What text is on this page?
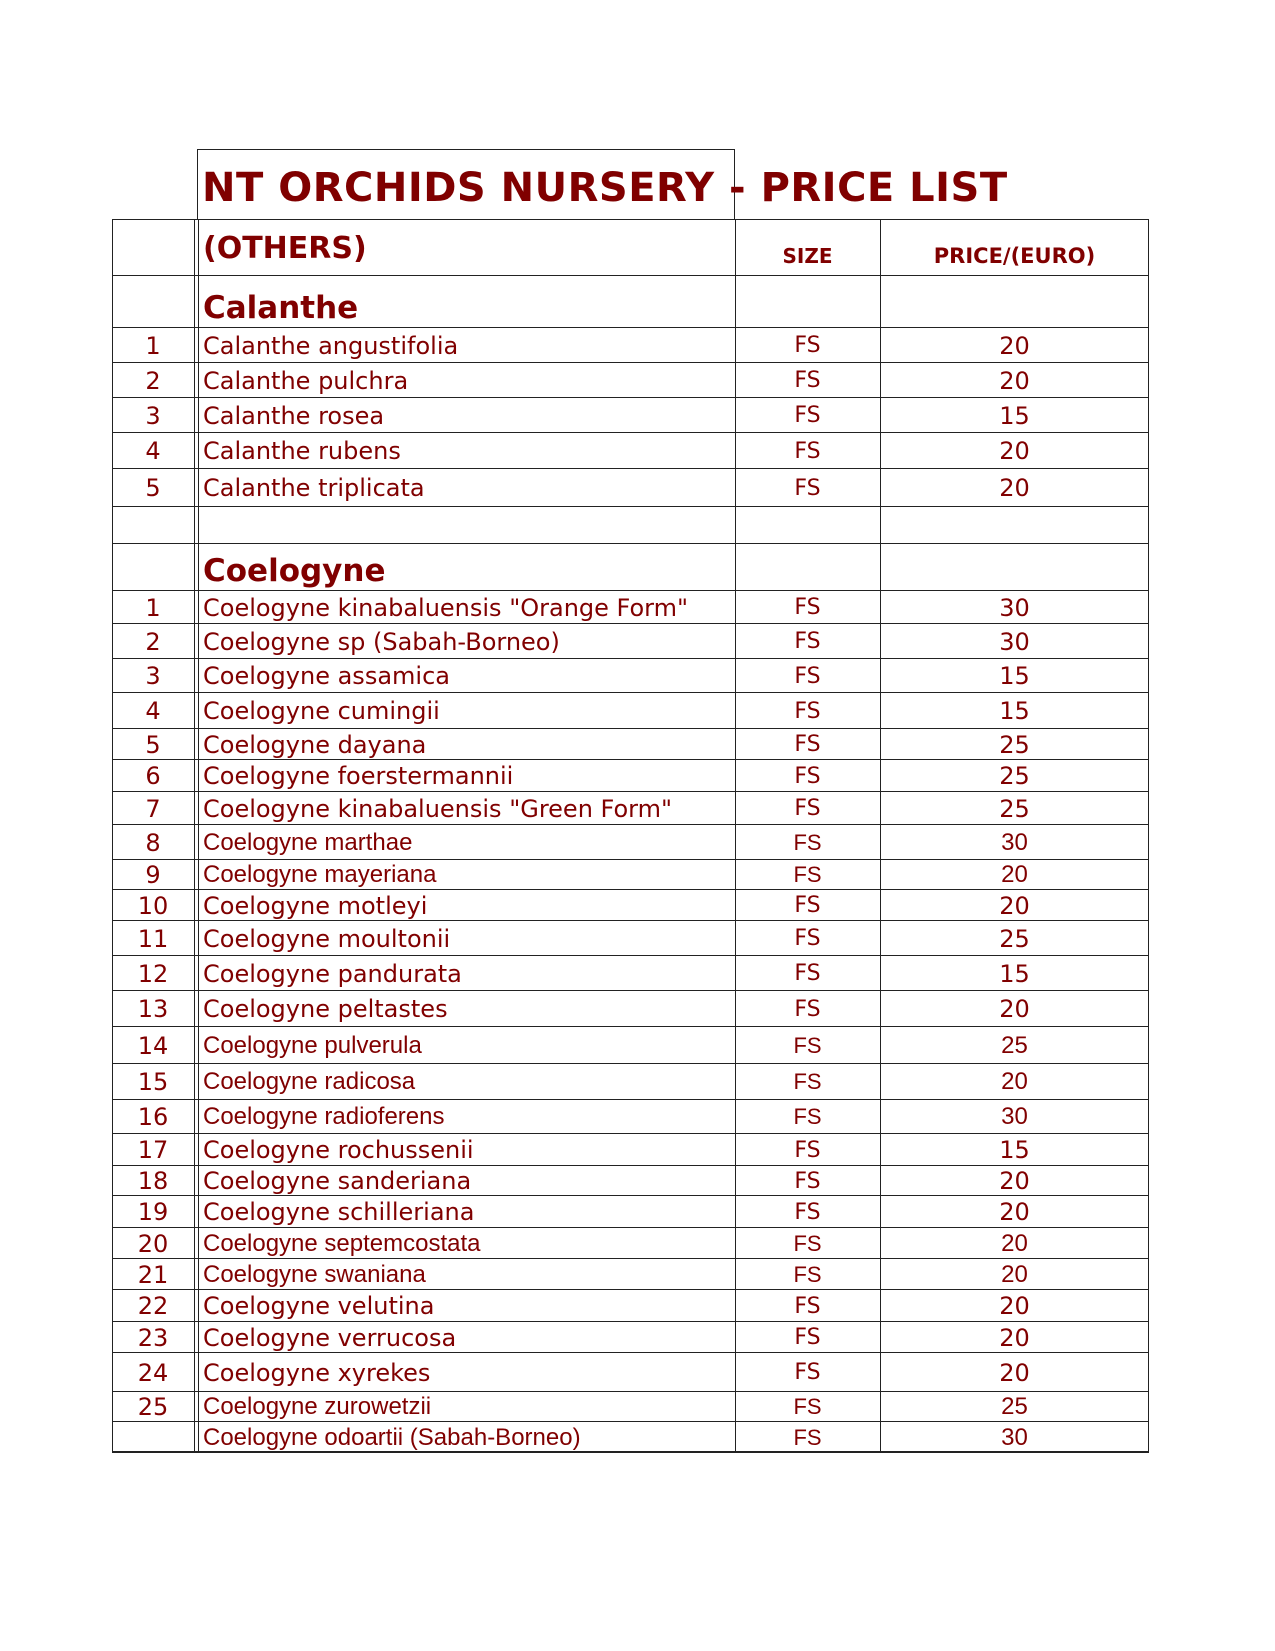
NT ORCHIDS NURSERY - PRICE LIST
(OTHERS)	SIZE	PRICE/(EURO)
Calanthe
1	Calanthe angustifolia	FS	20
2	Calanthe pulchra	FS	20
3	Calanthe rosea	FS	15
4	Calanthe rubens	FS	20
5	Calanthe triplicata	FS	20
Coelogyne
1	Coelogyne kinabaluensis "Orange Form"	FS	30
2	Coelogyne sp (Sabah-Borneo)	FS	30
3	Coelogyne assamica	FS	15
4	Coelogyne cumingii	FS	15
5	Coelogyne dayana	FS	25
6	Coelogyne foerstermannii	FS	25
7	Coelogyne kinabaluensis "Green Form"	FS	25
8	Coelogyne marthae	FS	30
9	Coelogyne mayeriana	FS	20
10	Coelogyne motleyi	FS	20
11	Coelogyne moultonii	FS	25
12	Coelogyne pandurata	FS	15
13	Coelogyne peltastes	FS	20
14	Coelogyne pulverula	FS	25
15	Coelogyne radicosa	FS	20
16	Coelogyne radioferens	FS	30
17	Coelogyne rochussenii	FS	15
18	Coelogyne sanderiana	FS	20
19	Coelogyne schilleriana	FS	20
20	Coelogyne septemcostata	FS	20
21	Coelogyne swaniana	FS	20
22	Coelogyne velutina	FS	20
23	Coelogyne verrucosa	FS	20
24	Coelogyne xyrekes	FS	20
25	Coelogyne zurowetzii	FS	25
Coelogyne odoartii (Sabah-Borneo)	FS	30
